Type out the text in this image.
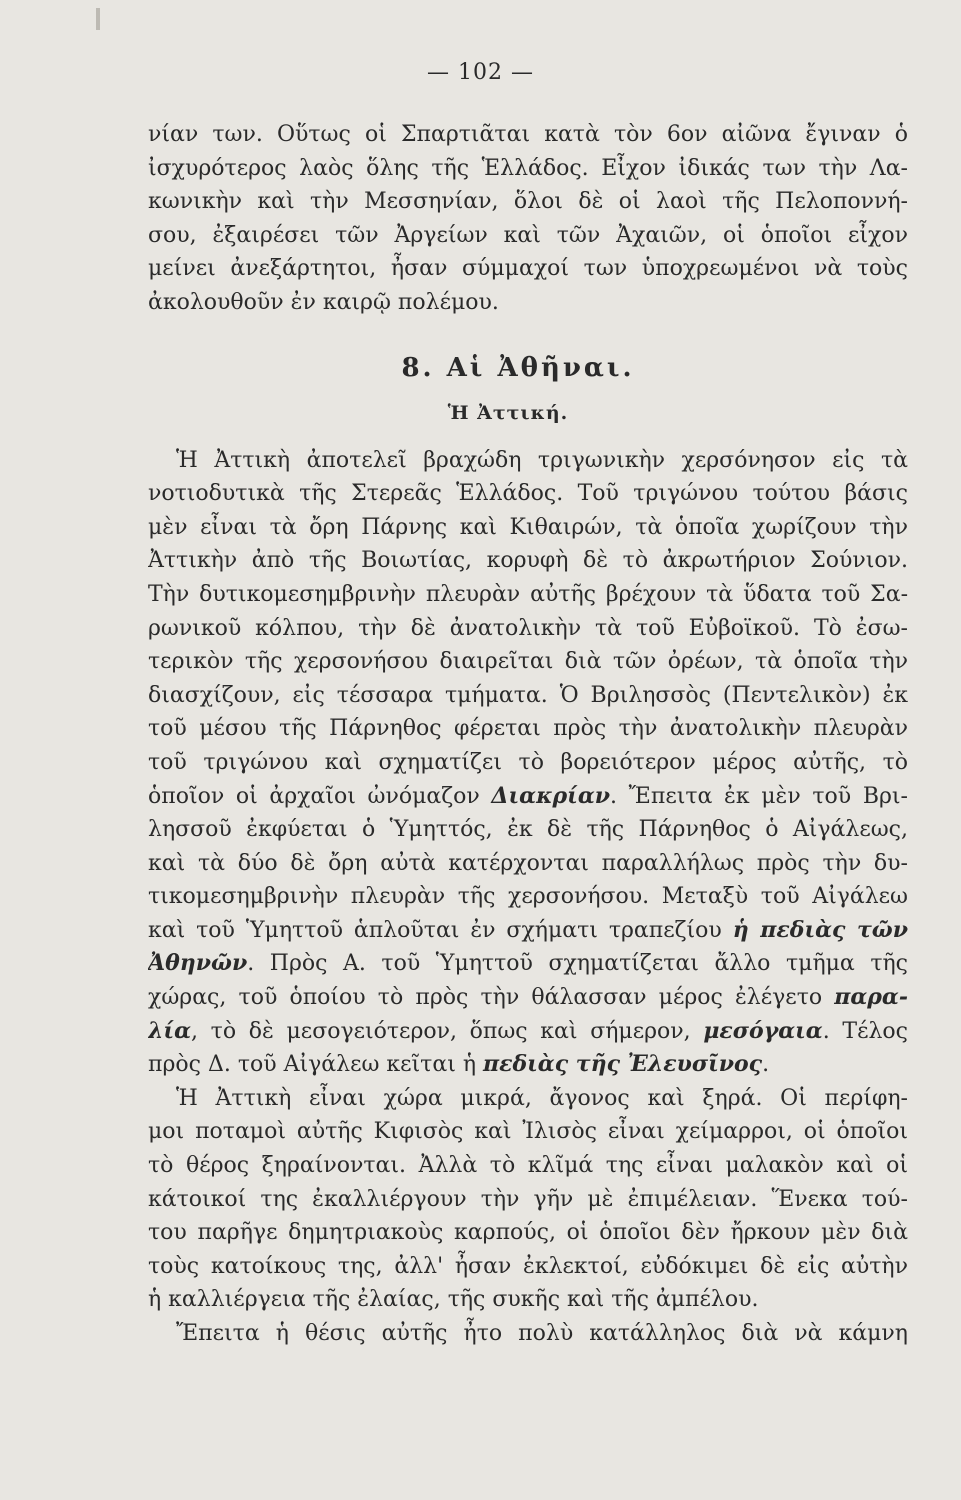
— 102 —
νίαν των. Οὕτως οἱ Σπαρτιᾶται κατὰ τὸν 6ον αἰῶνα ἔγιναν ὁ
ἰσχυρότερος λαὸς ὅλης τῆς Ἑλλάδος. Εἶχον ἰδικάς των τὴν Λα-
κωνικὴν καὶ τὴν Μεσσηνίαν, ὅλοι δὲ οἱ λαοὶ τῆς Πελοποννή-
σου, ἐξαιρέσει τῶν Ἀργείων καὶ τῶν Ἀχαιῶν, οἱ ὁποῖοι εἶχον
μείνει ἀνεξάρτητοι, ἦσαν σύμμαχοί των ὑποχρεωμένοι νὰ τοὺς
ἀκολουθοῦν ἐν καιρῷ πολέμου.
8. Αἱ Ἀθῆναι.
Ἡ Ἀττική.
Ἡ Ἀττικὴ ἀποτελεῖ βραχώδη τριγωνικὴν χερσόνησον εἰς τὰ
νοτιοδυτικὰ τῆς Στερεᾶς Ἑλλάδος. Τοῦ τριγώνου τούτου βάσις
μὲν εἶναι τὰ ὄρη Πάρνης καὶ Κιθαιρών, τὰ ὁποῖα χωρίζουν τὴν
Ἀττικὴν ἀπὸ τῆς Βοιωτίας, κορυφὴ δὲ τὸ ἀκρωτήριον Σούνιον.
Τὴν δυτικομεσημβρινὴν πλευρὰν αὐτῆς βρέχουν τὰ ὕδατα τοῦ Σα-
ρωνικοῦ κόλπου, τὴν δὲ ἀνατολικὴν τὰ τοῦ Εὐβοϊκοῦ. Τὸ ἐσω-
τερικὸν τῆς χερσονήσου διαιρεῖται διὰ τῶν ὀρέων, τὰ ὁποῖα τὴν
διασχίζουν, εἰς τέσσαρα τμήματα. Ὁ Βριλησσὸς (Πεντελικὸν) ἐκ
τοῦ μέσου τῆς Πάρνηθος φέρεται πρὸς τὴν ἀνατολικὴν πλευρὰν
τοῦ τριγώνου καὶ σχηματίζει τὸ βορειότερον μέρος αὐτῆς, τὸ
ὁποῖον οἱ ἀρχαῖοι ὠνόμαζον Διακρίαν. Ἔπειτα ἐκ μὲν τοῦ Βρι-
λησσοῦ ἐκφύεται ὁ Ὑμηττός, ἐκ δὲ τῆς Πάρνηθος ὁ Αἰγάλεως,
καὶ τὰ δύο δὲ ὄρη αὐτὰ κατέρχονται παραλλήλως πρὸς τὴν δυ-
τικομεσημβρινὴν πλευρὰν τῆς χερσονήσου. Μεταξὺ τοῦ Αἰγάλεω
καὶ τοῦ Ὑμηττοῦ ἁπλοῦται ἐν σχήματι τραπεζίου ἡ πεδιὰς τῶν
Ἀθηνῶν. Πρὸς Α. τοῦ Ὑμηττοῦ σχηματίζεται ἄλλο τμῆμα τῆς
χώρας, τοῦ ὁποίου τὸ πρὸς τὴν θάλασσαν μέρος ἐλέγετο παρα-
λία, τὸ δὲ μεσογειότερον, ὅπως καὶ σήμερον, μεσόγαια. Τέλος
πρὸς Δ. τοῦ Αἰγάλεω κεῖται ἡ πεδιὰς τῆς Ἐλευσῖνος.
Ἡ Ἀττικὴ εἶναι χώρα μικρά, ἄγονος καὶ ξηρά. Οἱ περίφη-
μοι ποταμοὶ αὐτῆς Κιφισὸς καὶ Ἰλισὸς εἶναι χείμαρροι, οἱ ὁποῖοι
τὸ θέρος ξηραίνονται. Ἀλλὰ τὸ κλῖμά της εἶναι μαλακὸν καὶ οἱ
κάτοικοί της ἐκαλλιέργουν τὴν γῆν μὲ ἐπιμέλειαν. Ἕνεκα τού-
του παρῆγε δημητριακοὺς καρπούς, οἱ ὁποῖοι δὲν ἤρκουν μὲν διὰ
τοὺς κατοίκους της, ἀλλ' ἦσαν ἐκλεκτοί, εὐδόκιμει δὲ εἰς αὐτὴν
ἡ καλλιέργεια τῆς ἐλαίας, τῆς συκῆς καὶ τῆς ἀμπέλου.
Ἔπειτα ἡ θέσις αὐτῆς ἦτο πολὺ κατάλληλος διὰ νὰ κάμνη
